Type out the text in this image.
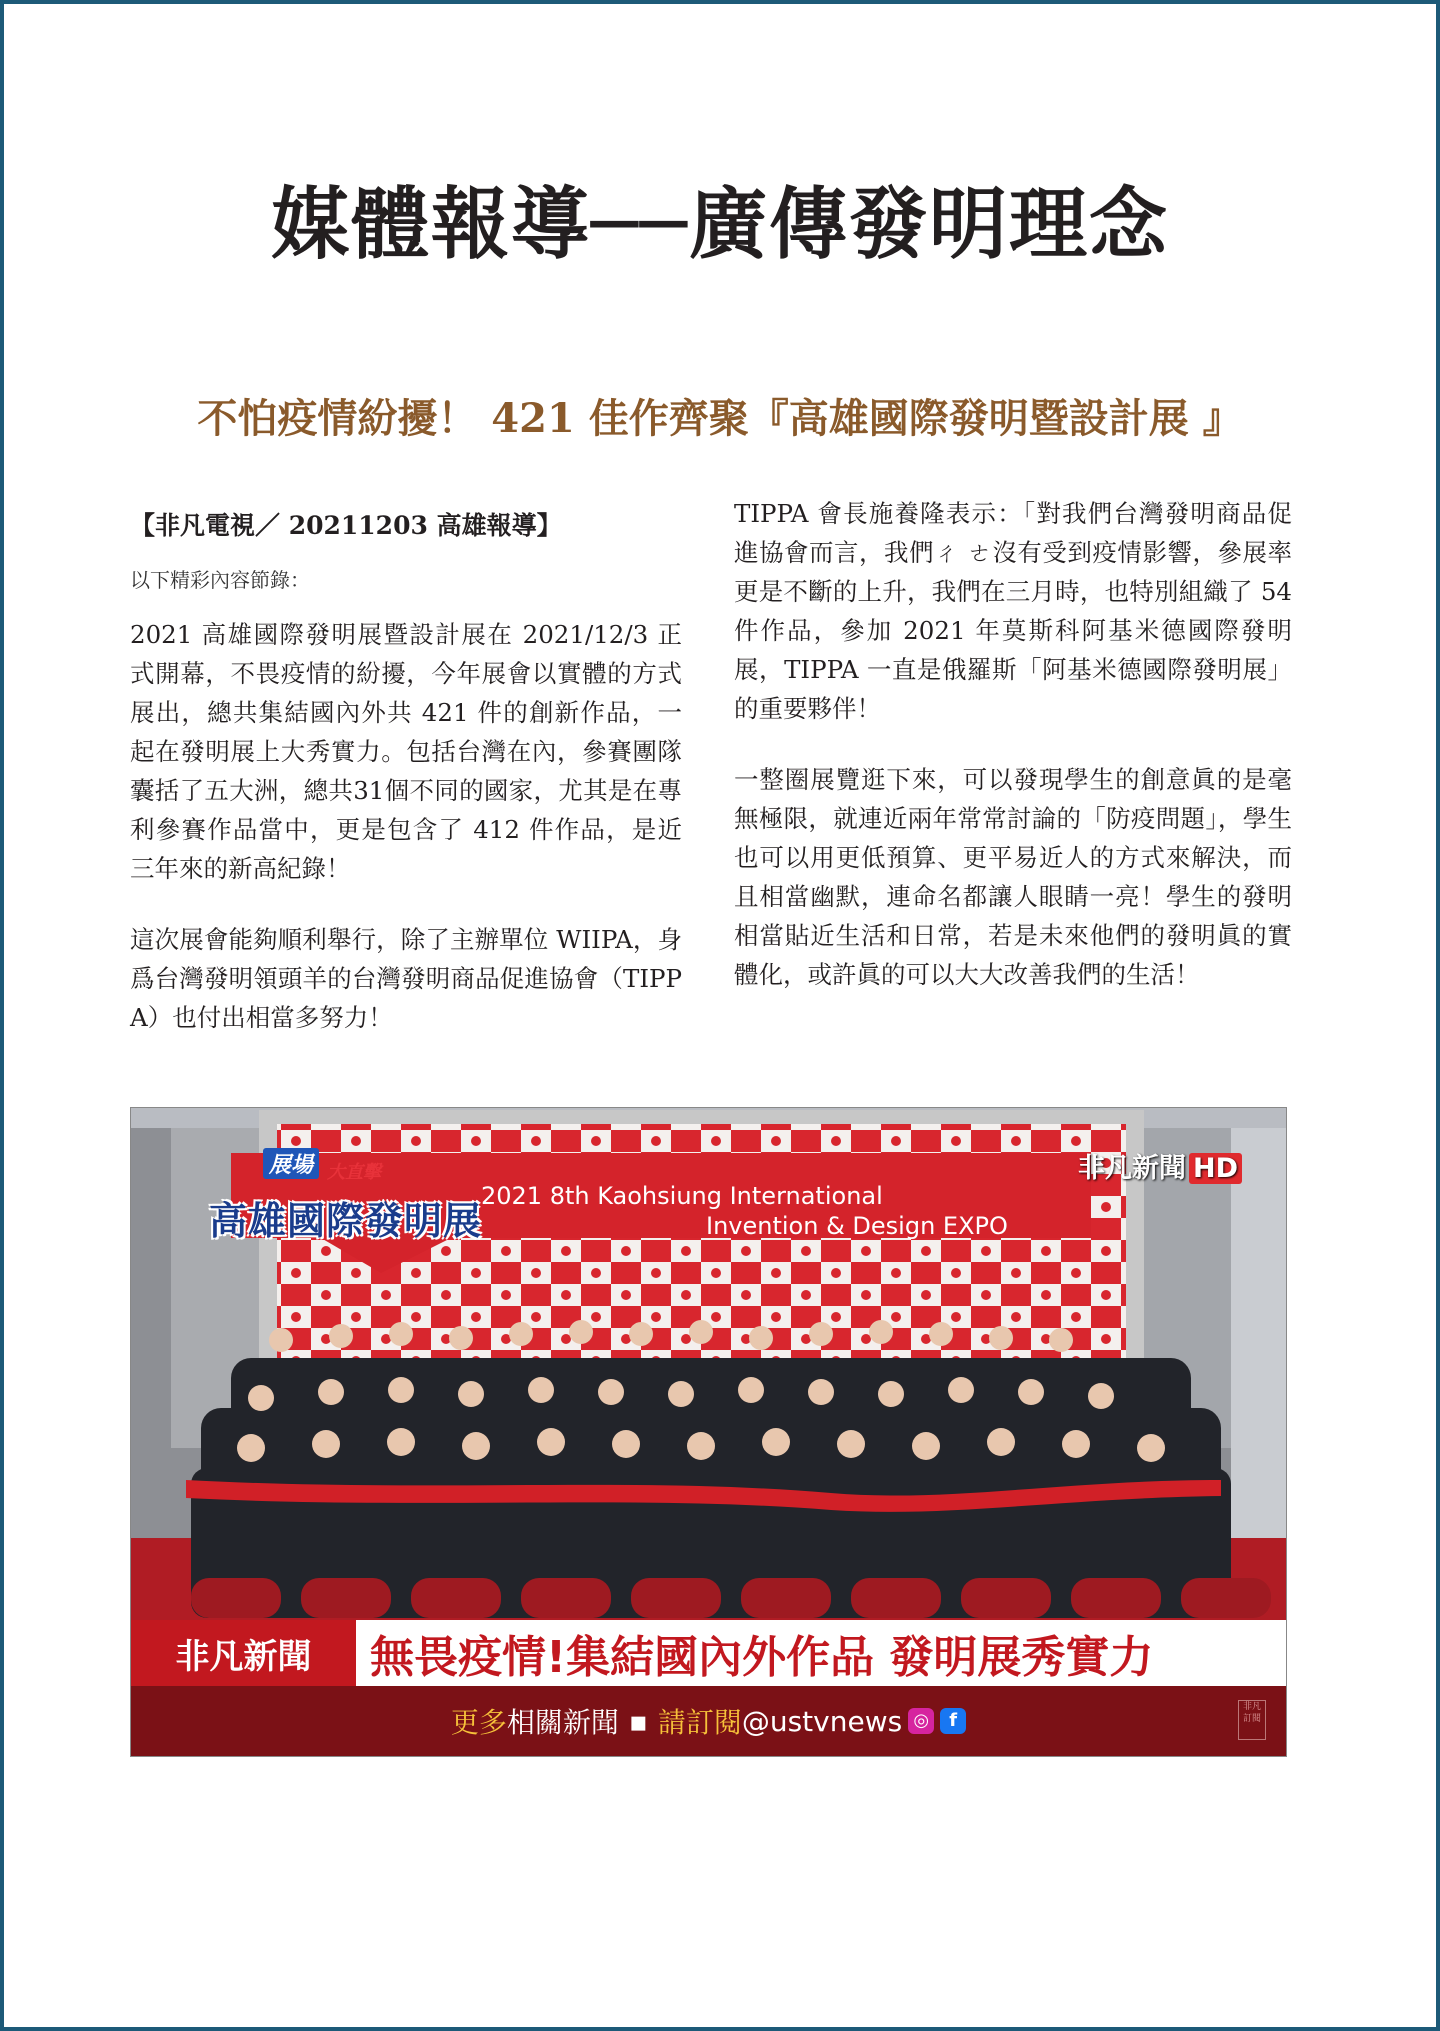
媒體報導──廣傳發明理念
不怕疫情紛擾！ 421 佳作齊聚『高雄國際發明暨設計展 』
【非凡電視／ 20211203 高雄報導】
以下精彩內容節錄：

2021 高雄國際發明展暨設計展在 2021/12/3 正式開幕，不畏疫情的紛擾，今年展會以實體的方式展出，總共集結國內外共 421 件的創新作品，一起在發明展上大秀實力。包括台灣在內，參賽團隊囊括了五大洲，總共31個不同的國家，尤其是在專利參賽作品當中，更是包含了 412 件作品，是近三年來的新高紀錄！

這次展會能夠順利舉行，除了主辦單位 WIIPA，身爲台灣發明領頭羊的台灣發明商品促進協會（TIPPA）也付出相當多努力！

TIPPA 會長施養隆表示：「對我們台灣發明商品促進協會而言，我們ㄔ ㄜ沒有受到疫情影響，參展率更是不斷的上升，我們在三月時，也特別組織了 54 件作品，參加 2021 年莫斯科阿基米德國際發明展，TIPPA 一直是俄羅斯「阿基米德國際發明展」的重要夥伴！

一整圈展覽逛下來，可以發現學生的創意眞的是毫無極限，就連近兩年常常討論的「防疫問題」，學生也可以用更低預算、更平易近人的方式來解決，而且相當幽默，連命名都讓人眼睛一亮！學生的發明相當貼近生活和日常，若是未來他們的發明眞的實體化，或許眞的可以大大改善我們的生活！

展場 大直擊
高雄國際發明展
2021 8th Kaohsiung International
Invention & Design EXPO
非凡新聞 HD
非凡新聞	無畏疫情!集結國內外作品 發明展秀實力
更多 相關新聞 ▪ 請訂閱 @ustvnews ◎	f
非凡訂閱
